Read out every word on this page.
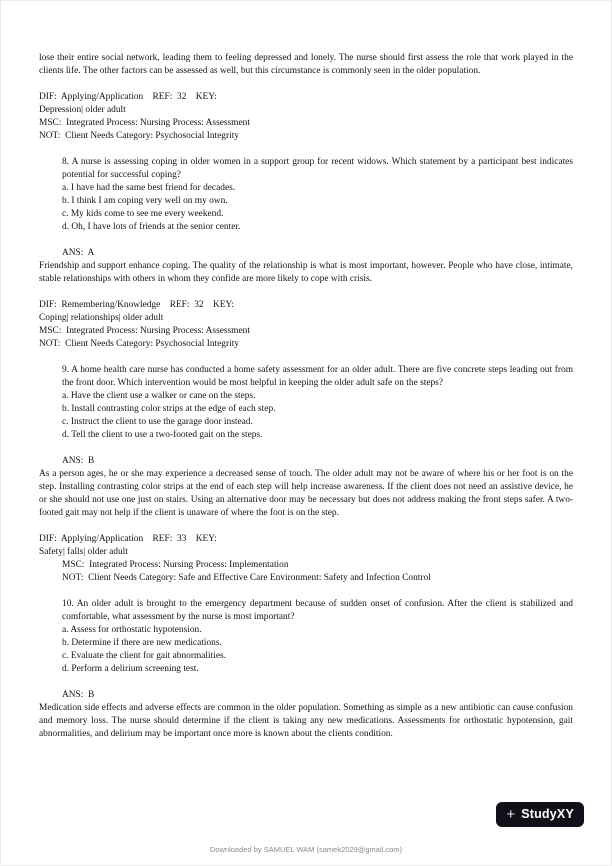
lose their entire social network, leading them to feeling depressed and lonely. The nurse should first assess the role that work played in the clients life. The other factors can be assessed as well, but this circumstance is commonly seen in the older population.

DIF:  Applying/Application    REF:  32    KEY:

Depression| older adult

MSC:  Integrated Process: Nursing Process: Assessment

NOT:  Client Needs Category: Psychosocial Integrity

8. A nurse is assessing coping in older women in a support group for recent widows. Which statement by a participant best indicates potential for successful coping?

a. I have had the same best friend for decades.

b. I think I am coping very well on my own.

c. My kids come to see me every weekend.

d. Oh, I have lots of friends at the senior center.

ANS:  A

Friendship and support enhance coping. The quality of the relationship is what is most important, however. People who have close, intimate, stable relationships with others in whom they confide are more likely to cope with crisis.

DIF:  Remembering/Knowledge    REF:  32    KEY:

Coping| relationships| older adult

MSC:  Integrated Process: Nursing Process: Assessment

NOT:  Client Needs Category: Psychosocial Integrity

9. A home health care nurse has conducted a home safety assessment for an older adult. There are five concrete steps leading out from the front door. Which intervention would be most helpful in keeping the older adult safe on the steps?

a. Have the client use a walker or cane on the steps.

b. Install contrasting color strips at the edge of each step.

c. Instruct the client to use the garage door instead.

d. Tell the client to use a two-footed gait on the steps.

ANS:  B

As a person ages, he or she may experience a decreased sense of touch. The older adult may not be aware of where his or her foot is on the step. Installing contrasting color strips at the end of each step will help increase awareness. If the client does not need an assistive device, he or she should not use one just on stairs. Using an alternative door may be necessary but does not address making the front steps safer. A two-footed gait may not help if the client is unaware of where the foot is on the step.

DIF:  Applying/Application    REF:  33    KEY:

Safety| falls| older adult

MSC:  Integrated Process: Nursing Process: Implementation

NOT:  Client Needs Category: Safe and Effective Care Environment: Safety and Infection Control

10. An older adult is brought to the emergency department because of sudden onset of confusion. After the client is stabilized and comfortable, what assessment by the nurse is most important?

a. Assess for orthostatic hypotension.

b. Determine if there are new medications.

c. Evaluate the client for gait abnormalities.

d. Perform a delirium screening test.

ANS:  B

Medication side effects and adverse effects are common in the older population. Something as simple as a new antibiotic can cause confusion and memory loss. The nurse should determine if the client is taking any new medications. Assessments for orthostatic hypotension, gait abnormalities, and delirium may be important once more is known about the clients condition.

+ StudyXY
Downloaded by SAMUEL WAM (samek2029@gmail.com)
